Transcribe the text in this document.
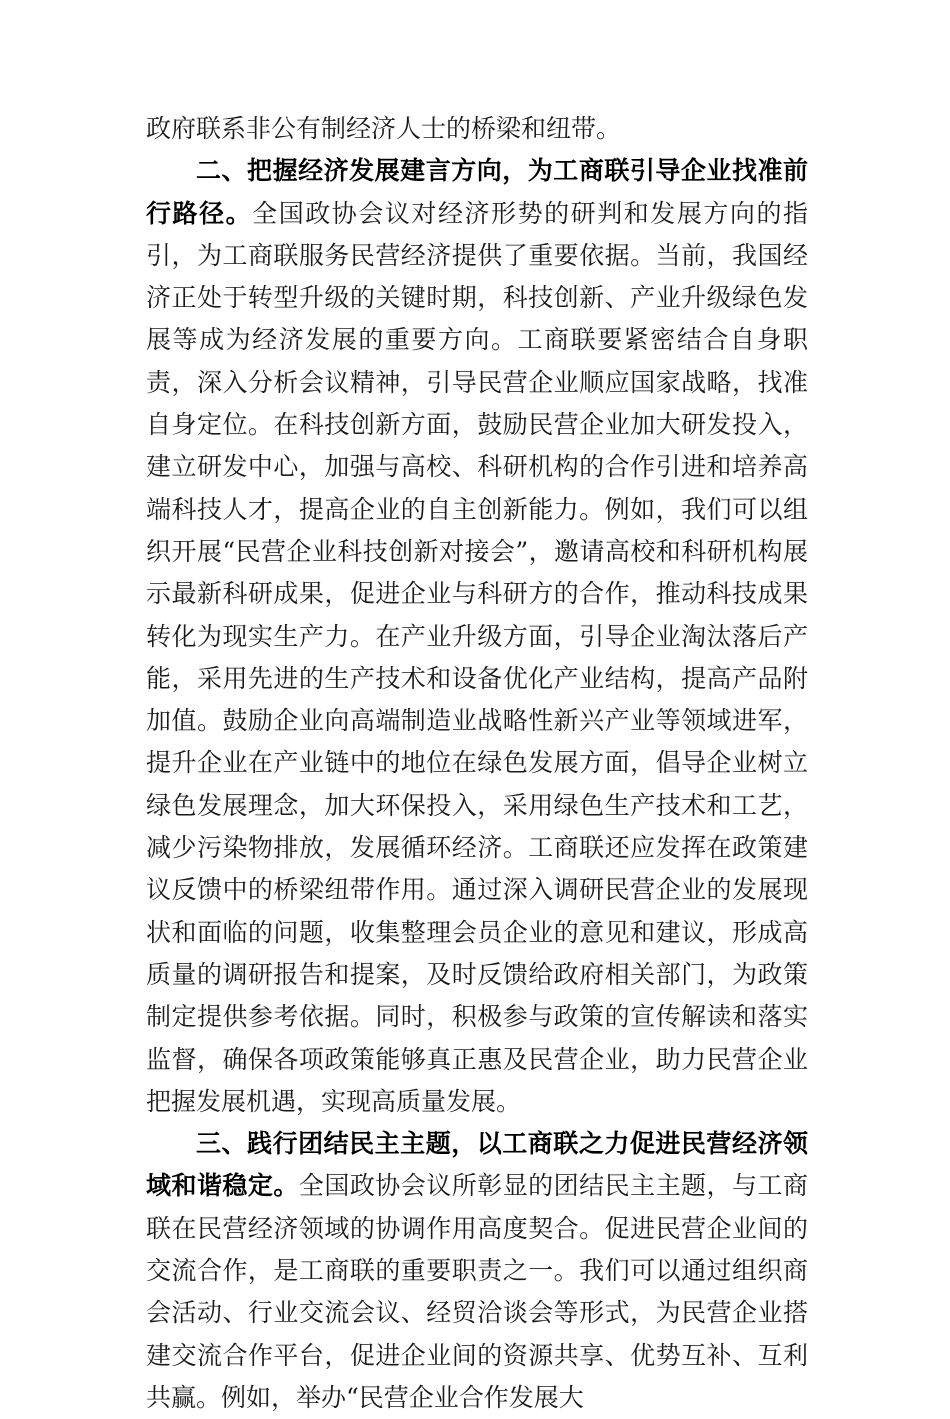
政府联系非公有制经济人士的桥梁和纽带。

二、把握经济发展建言方向，为工商联引导企业找准前行路径。全国政协会议对经济形势的研判和发展方向的指引，为工商联服务民营经济提供了重要依据。当前，我国经济正处于转型升级的关键时期，科技创新、产业升级绿色发展等成为经济发展的重要方向。工商联要紧密结合自身职责，深入分析会议精神，引导民营企业顺应国家战略，找准自身定位。在科技创新方面，鼓励民营企业加大研发投入，建立研发中心，加强与高校、科研机构的合作引进和培养高端科技人才，提高企业的自主创新能力。例如，我们可以组织开展“民营企业科技创新对接会”，邀请高校和科研机构展示最新科研成果，促进企业与科研方的合作，推动科技成果转化为现实生产力。在产业升级方面，引导企业淘汰落后产能，采用先进的生产技术和设备优化产业结构，提高产品附加值。鼓励企业向高端制造业战略性新兴产业等领域进军，提升企业在产业链中的地位在绿色发展方面，倡导企业树立绿色发展理念，加大环保投入，采用绿色生产技术和工艺，减少污染物排放，发展循环经济。工商联还应发挥在政策建议反馈中的桥梁纽带作用。通过深入调研民营企业的发展现状和面临的问题，收集整理会员企业的意见和建议，形成高质量的调研报告和提案，及时反馈给政府相关部门，为政策制定提供参考依据。同时，积极参与政策的宣传解读和落实监督，确保各项政策能够真正惠及民营企业，助力民营企业把握发展机遇，实现高质量发展。

三、践行团结民主主题，以工商联之力促进民营经济领域和谐稳定。全国政协会议所彰显的团结民主主题，与工商联在民营经济领域的协调作用高度契合。促进民营企业间的交流合作，是工商联的重要职责之一。我们可以通过组织商会活动、行业交流会议、经贸洽谈会等形式，为民营企业搭建交流合作平台，促进企业间的资源共享、优势互补、互利共赢。例如，举办“民营企业合作发展大
